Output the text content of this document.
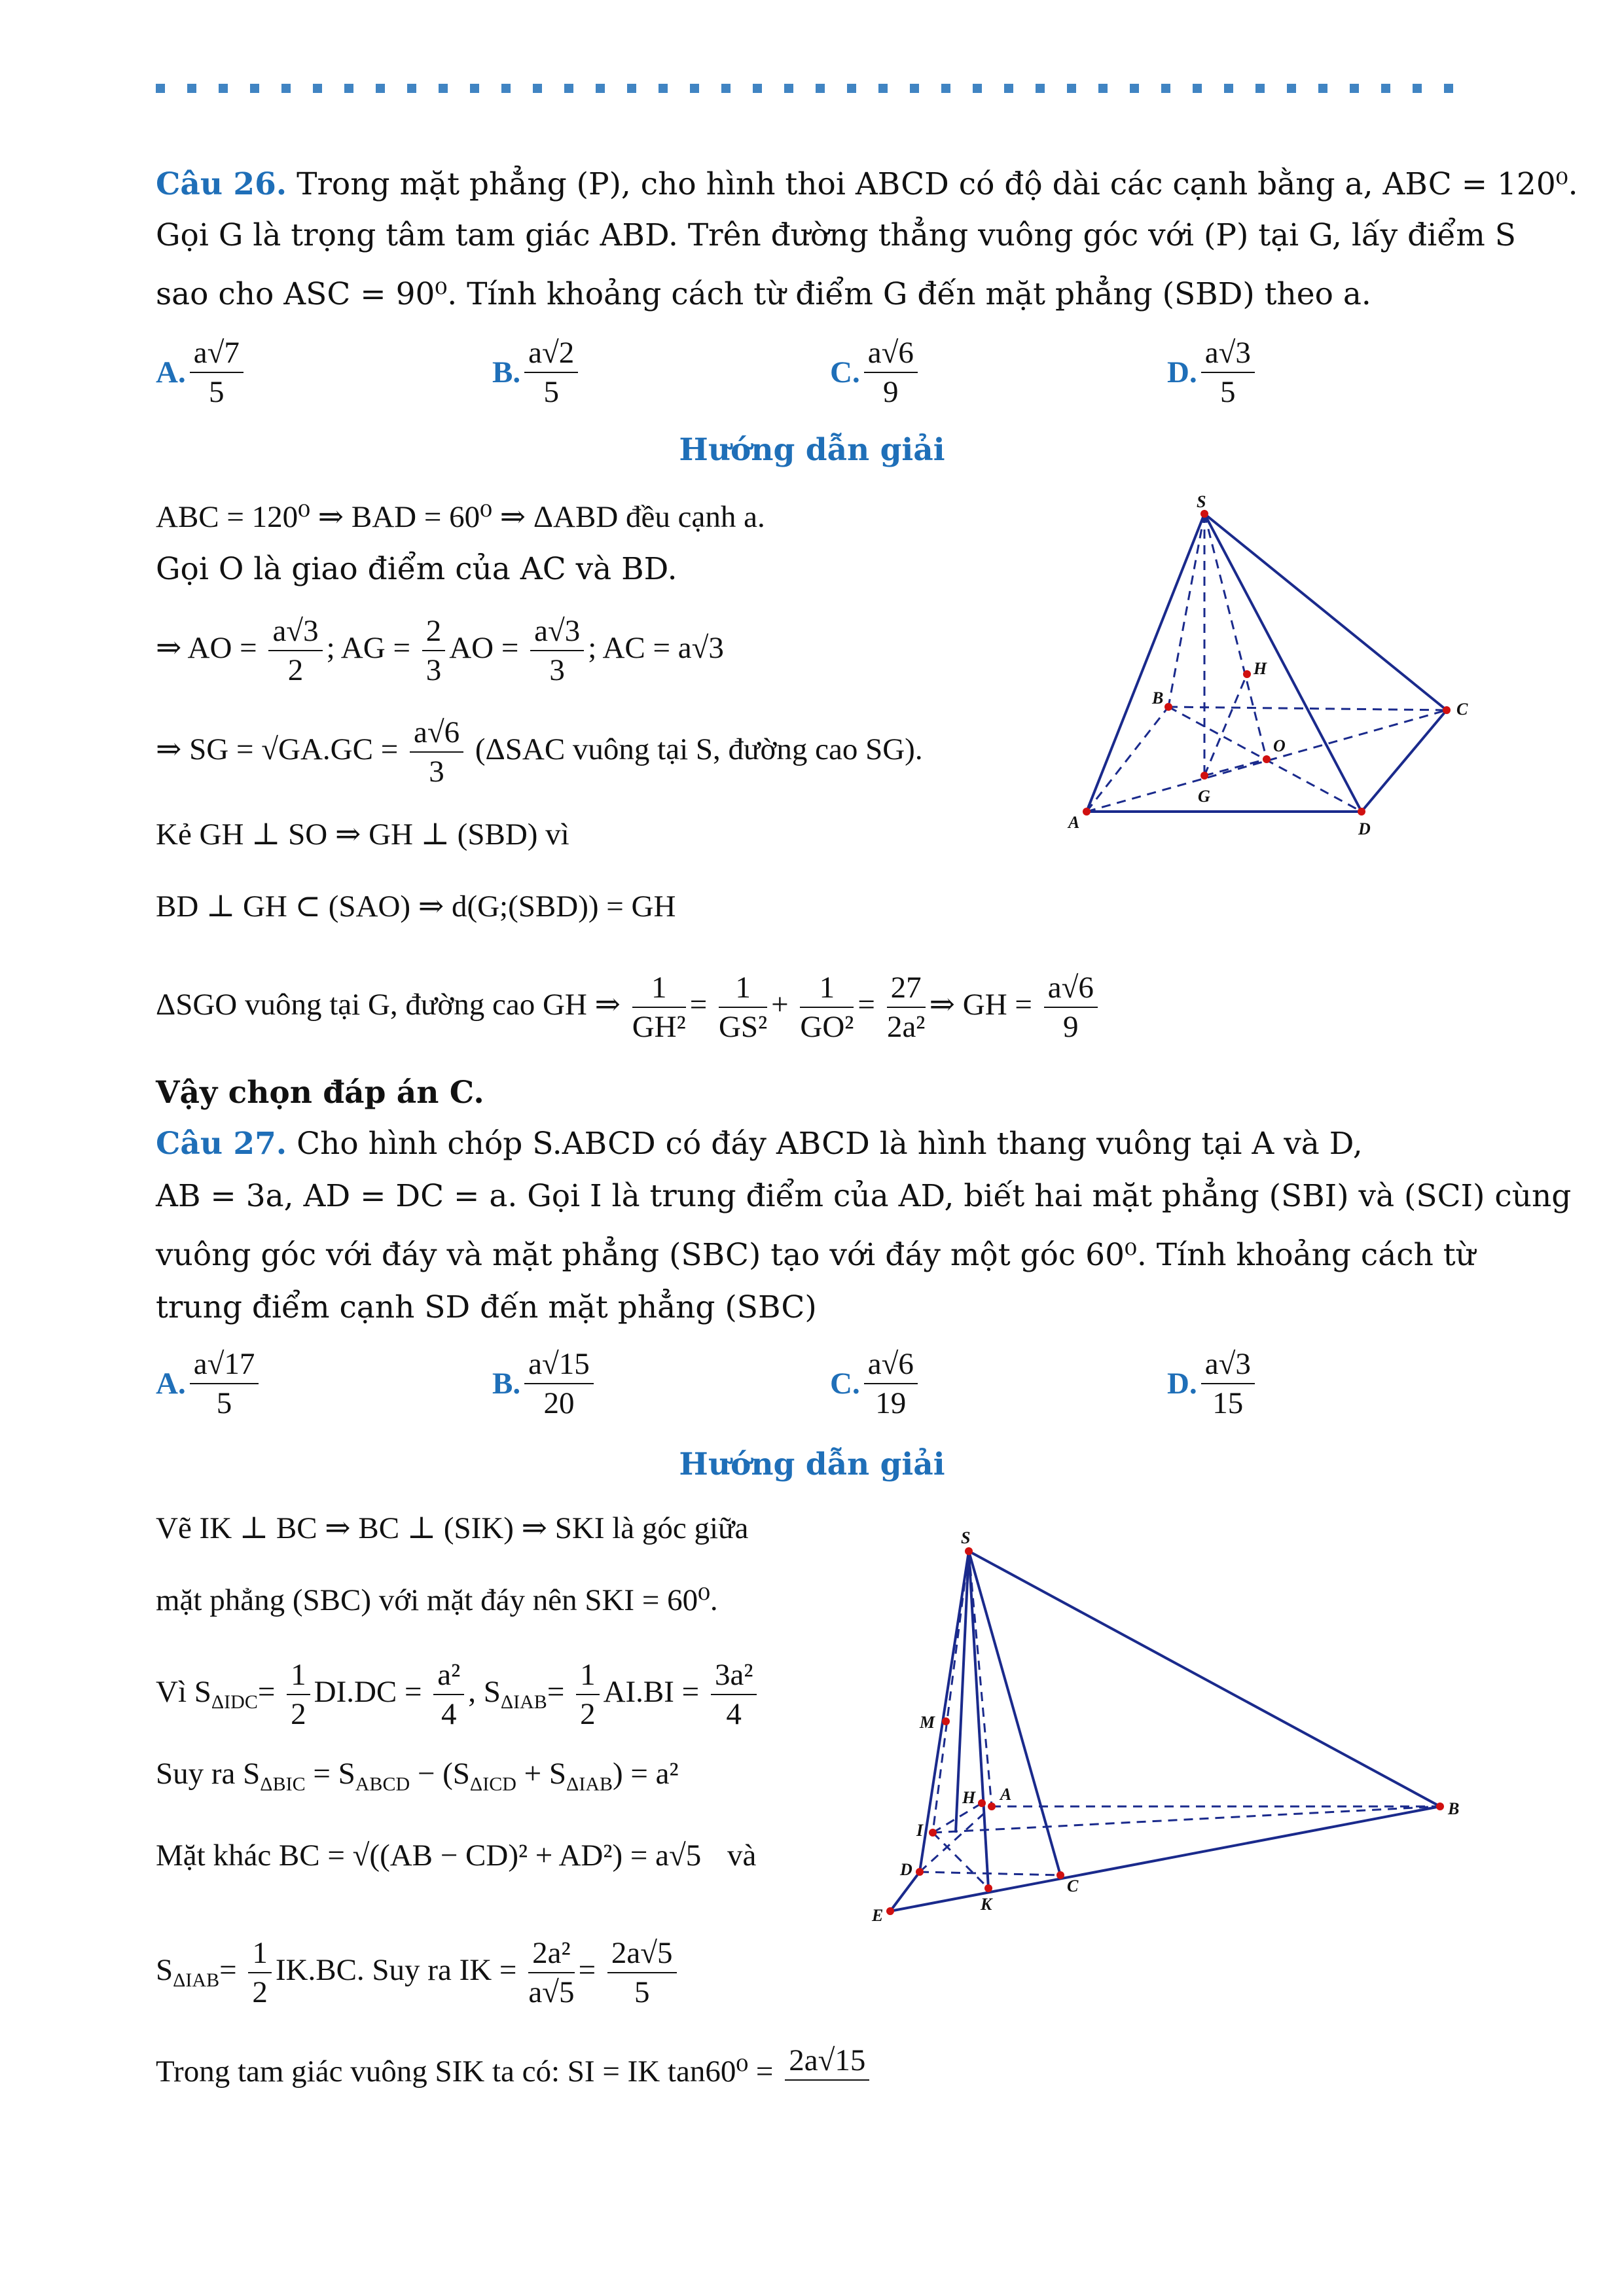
Câu 26. Trong mặt phẳng (P), cho hình thoi ABCD có độ dài các cạnh bằng a, ABC = 120⁰.
Gọi G là trọng tâm tam giác ABD. Trên đường thẳng vuông góc với (P) tại G, lấy điểm S
sao cho ASC = 90⁰. Tính khoảng cách từ điểm G đến mặt phẳng (SBD) theo a.
A. $\frac{a√7}{5}$	B. $\frac{a√2}{5}$	C. $\frac{a√6}{9}$	D. $\frac{a√3}{5}$
Hướng dẫn giải
ABC = 120⁰ ⇒ BAD = 60⁰ ⇒ ΔABD đều cạnh a.
Gọi O là giao điểm của AC và BD.
⇒ AO = $\frac{a√3}{2}$ ; AG = $\frac{2}{3}$ AO = $\frac{a√3}{3}$ ; AC = a√3
⇒ SG = $√GA.GC = \frac{a√6}{3} (\Delta SAC$ vuông tại S, đường cao SG).
Kẻ GH ⊥ SO ⇒ GH ⊥ (SBD) vì
BD ⊥ GH ⊂ (SAO) ⇒ d(G;(SBD)) = GH
ΔSGO vuông tại G, đường cao GH ⇒ $\frac{1}{\text{GH²}} = \frac{1}{\text{GS²}} + \frac{1}{\text{GO²}} = \frac{27}{\text{2a²}}$ ⇒ GH = $\frac{a√6}{9}$
Vậy chọn đáp án C.
S
H
B
C
O
G
A	D
Câu 27. Cho hình chóp S.ABCD có đáy ABCD là hình thang vuông tại A và D,
AB = 3a, AD = DC = a. Gọi I là trung điểm của AD, biết hai mặt phẳng (SBI) và (SCI) cùng
vuông góc với đáy và mặt phẳng (SBC) tạo với đáy một góc 60⁰. Tính khoảng cách từ
trung điểm cạnh SD đến mặt phẳng (SBC)
A. $\frac{a√17}{5}$	B. $\frac{a√15}{20}$	C. $\frac{a√6}{19}$	D. $\frac{a√3}{15}$
Hướng dẫn giải
Vẽ IK ⊥ BC ⇒ BC ⊥ (SIK) ⇒ SKI là góc giữa
mặt phẳng (SBC) với mặt đáy nên SKI = 60⁰.
Vì $S_{\Delta IDC}= \frac{1}{2} DI.DC = \frac{\text{a²}}{4}$ , $S_{\Delta IAB}= \frac{1}{2} AI.BI = \frac{\text{3a²}}{4}$
Suy ra $S_{\Delta BIC} = S_{ABCD} - (S_{\Delta ICD} + S_{\Delta IAB}) = a^2$
Mặt khác BC = √((AB − CD)² + AD²) = a√5 và
$S_{\Delta IAB}= \frac{1}{2} IK.BC$. Suy ra IK = $\frac{\text{2a²}}{a√5} = \frac{2a√5}{5}$
Trong tam giác vuông SIK ta có: SI = IK tan60⁰ = 2a√15
S
M
H A
I
D
K
C
E
B
